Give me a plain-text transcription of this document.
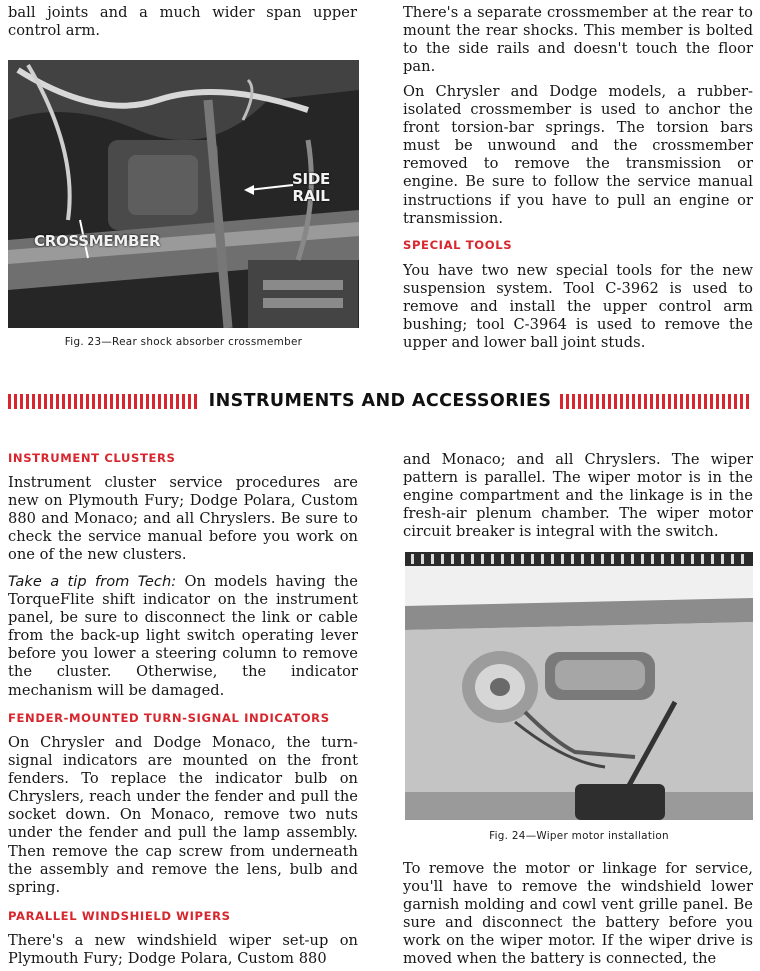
ball joints and a much wider span upper control arm.

SIDE
RAIL
CROSSMEMBER

Fig. 23—Rear shock absorber crossmember

There's a separate crossmember at the rear to mount the rear shocks. This member is bolted to the side rails and doesn't touch the floor pan.

On Chrysler and Dodge models, a rubber-isolated crossmember is used to anchor the front torsion-bar springs. The torsion bars must be unwound and the crossmember removed to remove the transmission or engine. Be sure to follow the service manual instructions if you have to pull an engine or transmission.

SPECIAL TOOLS

You have two new special tools for the new suspension system. Tool C-3962 is used to remove and install the upper control arm bushing; tool C-3964 is used to remove the upper and lower ball joint studs.

INSTRUMENTS AND ACCESSORIES

INSTRUMENT CLUSTERS

Instrument cluster service procedures are new on Plymouth Fury; Dodge Polara, Custom 880 and Monaco; and all Chryslers. Be sure to check the service manual before you work on one of the new clusters.

Take a tip from Tech: On models having the TorqueFlite shift indicator on the instrument panel, be sure to disconnect the link or cable from the back-up light switch operating lever before you lower a steering column to remove the cluster. Otherwise, the indicator mechanism will be damaged.

FENDER-MOUNTED TURN-SIGNAL INDICATORS

On Chrysler and Dodge Monaco, the turn-signal indicators are mounted on the front fenders. To replace the indicator bulb on Chryslers, reach under the fender and pull the socket down. On Monaco, remove two nuts under the fender and pull the lamp assembly. Then remove the cap screw from underneath the assembly and remove the lens, bulb and spring.

PARALLEL WINDSHIELD WIPERS

There's a new windshield wiper set-up on Plymouth Fury; Dodge Polara, Custom 880

and Monaco; and all Chryslers. The wiper pattern is parallel. The wiper motor is in the engine compartment and the linkage is in the fresh-air plenum chamber. The wiper motor circuit breaker is integral with the switch.

Fig. 24—Wiper motor installation

To remove the motor or linkage for service, you'll have to remove the windshield lower garnish molding and cowl vent grille panel. Be sure and disconnect the battery before you work on the wiper motor. If the wiper drive is moved when the battery is connected, the
